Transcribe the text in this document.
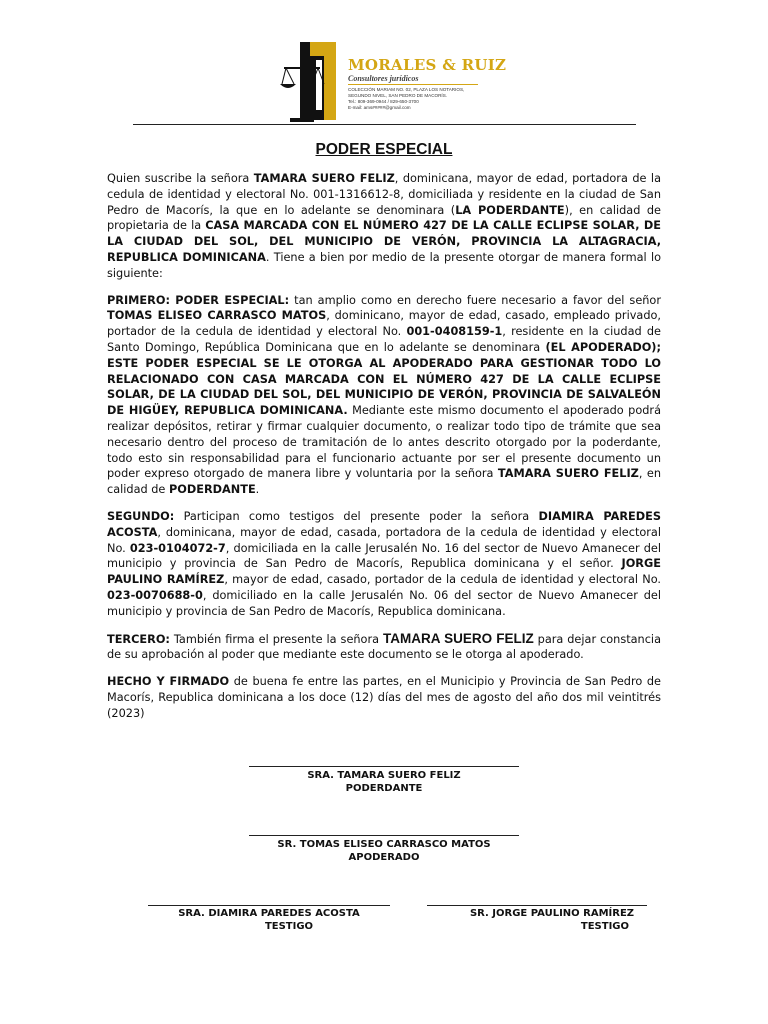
MORALES & RUIZ
Consultores jurídicos
COLECCIÓN MARIAM NO. 02, PLAZA LOS NOTARIOS,
SEGUNDO NIVEL, SAN PEDRO DE MACORÍS.
Tel.: 809-369-0944 / 829-650-3700
E-mail: ams#####@gmail.com
PODER ESPECIAL

Quien suscribe la señora TAMARA SUERO FELIZ, dominicana, mayor de edad, portadora de la cedula de identidad y electoral No. 001-1316612-8, domiciliada y residente en la ciudad de San Pedro de Macorís, la que en lo adelante se denominara (LA PODERDANTE), en calidad de propietaria de la CASA MARCADA CON EL NÚMERO 427 DE LA CALLE ECLIPSE SOLAR, DE LA CIUDAD DEL SOL, DEL MUNICIPIO DE VERÓN, PROVINCIA LA ALTAGRACIA, REPUBLICA DOMINICANA. Tiene a bien por medio de la presente otorgar de manera formal lo siguiente:

PRIMERO: PODER ESPECIAL: tan amplio como en derecho fuere necesario a favor del señor TOMAS ELISEO CARRASCO MATOS, dominicano, mayor de edad, casado, empleado privado, portador de la cedula de identidad y electoral No. 001-0408159-1, residente en la ciudad de Santo Domingo, República Dominicana que en lo adelante se denominara (EL APODERADO); ESTE PODER ESPECIAL SE LE OTORGA AL APODERADO PARA GESTIONAR TODO LO RELACIONADO CON CASA MARCADA CON EL NÚMERO 427 DE LA CALLE ECLIPSE SOLAR, DE LA CIUDAD DEL SOL, DEL MUNICIPIO DE VERÓN, PROVINCIA DE SALVALEÓN DE HIGÜEY, REPUBLICA DOMINICANA. Mediante este mismo documento el apoderado podrá realizar depósitos, retirar y firmar cualquier documento, o realizar todo tipo de trámite que sea necesario dentro del proceso de tramitación de lo antes descrito otorgado por la poderdante, todo esto sin responsabilidad para el funcionario actuante por ser el presente documento un poder expreso otorgado de manera libre y voluntaria por la señora TAMARA SUERO FELIZ, en calidad de PODERDANTE.

SEGUNDO: Participan como testigos del presente poder la señora DIAMIRA PAREDES ACOSTA, dominicana, mayor de edad, casada, portadora de la cedula de identidad y electoral No. 023-0104072-7, domiciliada en la calle Jerusalén No. 16 del sector de Nuevo Amanecer del municipio y provincia de San Pedro de Macorís, Republica dominicana y el señor. JORGE PAULINO RAMÍREZ, mayor de edad, casado, portador de la cedula de identidad y electoral No. 023-0070688-0, domiciliado en la calle Jerusalén No. 06 del sector de Nuevo Amanecer del municipio y provincia de San Pedro de Macorís, Republica dominicana.

TERCERO: También firma el presente la señora TAMARA SUERO FELIZ para dejar constancia de su aprobación al poder que mediante este documento se le otorga al apoderado.

HECHO Y FIRMADO de buena fe entre las partes, en el Municipio y Provincia de San Pedro de Macorís, Republica dominicana a los doce (12) días del mes de agosto del año dos mil veintitrés (2023)

SRA. TAMARA SUERO FELIZ
PODERDANTE
SR. TOMAS ELISEO CARRASCO MATOS
APODERADO
SRA. DIAMIRA PAREDES ACOSTA
TESTIGO
SR. JORGE PAULINO RAMÍREZ
TESTIGO
